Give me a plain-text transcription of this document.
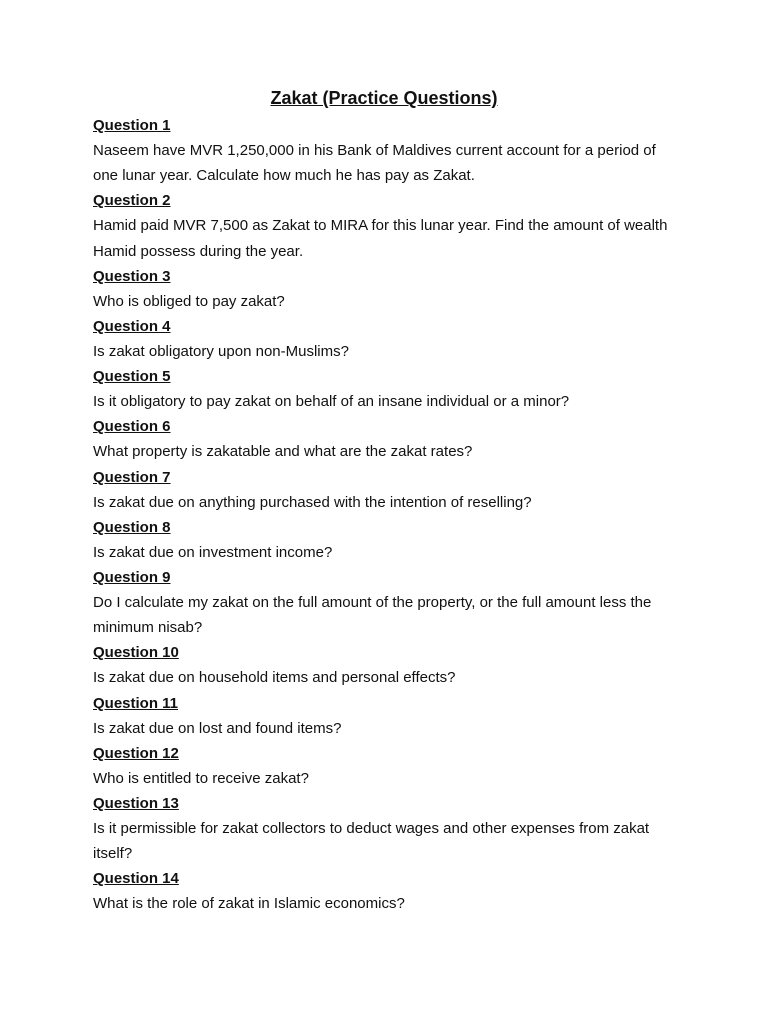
Zakat (Practice Questions)

Question 1

Naseem have MVR 1,250,000 in his Bank of Maldives current account for a period of

one lunar year. Calculate how much he has pay as Zakat.

Question 2

Hamid paid MVR 7,500 as Zakat to MIRA for this lunar year. Find the amount of wealth

Hamid possess during the year.

Question 3

Who is obliged to pay zakat?

Question 4

Is zakat obligatory upon non-Muslims?

Question 5

Is it obligatory to pay zakat on behalf of an insane individual or a minor?

Question 6

What property is zakatable and what are the zakat rates?

Question 7

Is zakat due on anything purchased with the intention of reselling?

Question 8

Is zakat due on investment income?

Question 9

Do I calculate my zakat on the full amount of the property, or the full amount less the

minimum nisab?

Question 10

Is zakat due on household items and personal effects?

Question 11

Is zakat due on lost and found items?

Question 12

Who is entitled to receive zakat?

Question 13

Is it permissible for zakat collectors to deduct wages and other expenses from zakat

itself?

Question 14

What is the role of zakat in Islamic economics?
